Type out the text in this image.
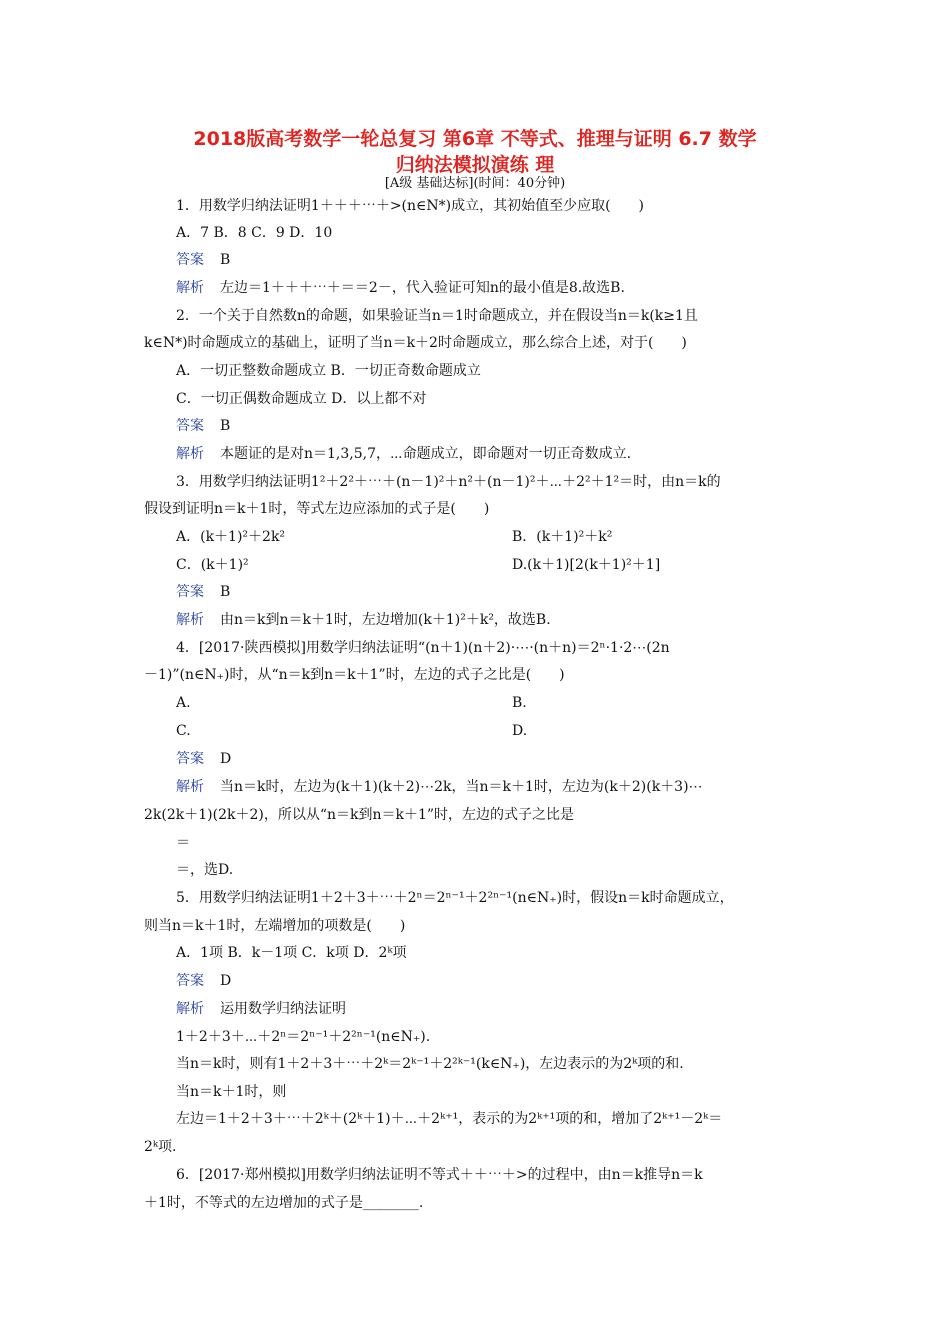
2018版高考数学一轮总复习 第6章 不等式、推理与证明 6.7 数学
归纳法模拟演练 理
[A级 基础达标](时间：40分钟)
1．用数学归纳法证明1＋＋＋⋯＋>(n∈N*)成立，其初始值至少应取(　　)
A．7 B．8 C．9 D．10
答案 B
解析 左边＝1＋＋＋⋯＋＝＝2－，代入验证可知n的最小值是8.故选B.
2．一个关于自然数n的命题，如果验证当n＝1时命题成立，并在假设当n＝k(k≥1且
k∈N*)时命题成立的基础上，证明了当n＝k＋2时命题成立，那么综合上述，对于(　　)
A．一切正整数命题成立 B．一切正奇数命题成立
C．一切正偶数命题成立 D．以上都不对
答案 B
解析 本题证的是对n＝1,3,5,7，⋯命题成立，即命题对一切正奇数成立.
3．用数学归纳法证明1²＋2²＋⋯＋(n－1)²＋n²＋(n－1)²＋⋯＋2²＋1²＝时，由n＝k的
假设到证明n＝k＋1时，等式左边应添加的式子是(　　)
A．(k＋1)²＋2k²	B．(k＋1)²＋k²
C．(k＋1)²	D.(k＋1)[2(k＋1)²＋1]
答案 B
解析 由n＝k到n＝k＋1时，左边增加(k＋1)²＋k²，故选B.
4．[2017·陕西模拟]用数学归纳法证明“(n＋1)(n＋2)·⋯·(n＋n)＝2ⁿ·1·2⋯(2n
－1)”(n∈N₊)时，从“n＝k到n＝k＋1”时，左边的式子之比是(　　)
A.	B.
C.	D.
答案 D
解析 当n＝k时，左边为(k＋1)(k＋2)⋯2k，当n＝k＋1时，左边为(k＋2)(k＋3)⋯
2k(2k＋1)(2k＋2)，所以从“n＝k到n＝k＋1”时，左边的式子之比是
＝
＝，选D.
5．用数学归纳法证明1＋2＋3＋⋯＋2ⁿ＝2ⁿ⁻¹＋2²ⁿ⁻¹(n∈N₊)时，假设n＝k时命题成立，
则当n＝k＋1时，左端增加的项数是(　　)
A．1项 B．k－1项 C．k项 D．2ᵏ项
答案 D
解析 运用数学归纳法证明
1＋2＋3＋⋯＋2ⁿ＝2ⁿ⁻¹＋2²ⁿ⁻¹(n∈N₊).
当n＝k时，则有1＋2＋3＋⋯＋2ᵏ＝2ᵏ⁻¹＋2²ᵏ⁻¹(k∈N₊)，左边表示的为2ᵏ项的和.
当n＝k＋1时，则
左边＝1＋2＋3＋⋯＋2ᵏ＋(2ᵏ＋1)＋⋯＋2ᵏ⁺¹，表示的为2ᵏ⁺¹项的和，增加了2ᵏ⁺¹－2ᵏ＝
2ᵏ项.
6．[2017·郑州模拟]用数学归纳法证明不等式＋＋⋯＋>的过程中，由n＝k推导n＝k
＋1时，不等式的左边增加的式子是________.
